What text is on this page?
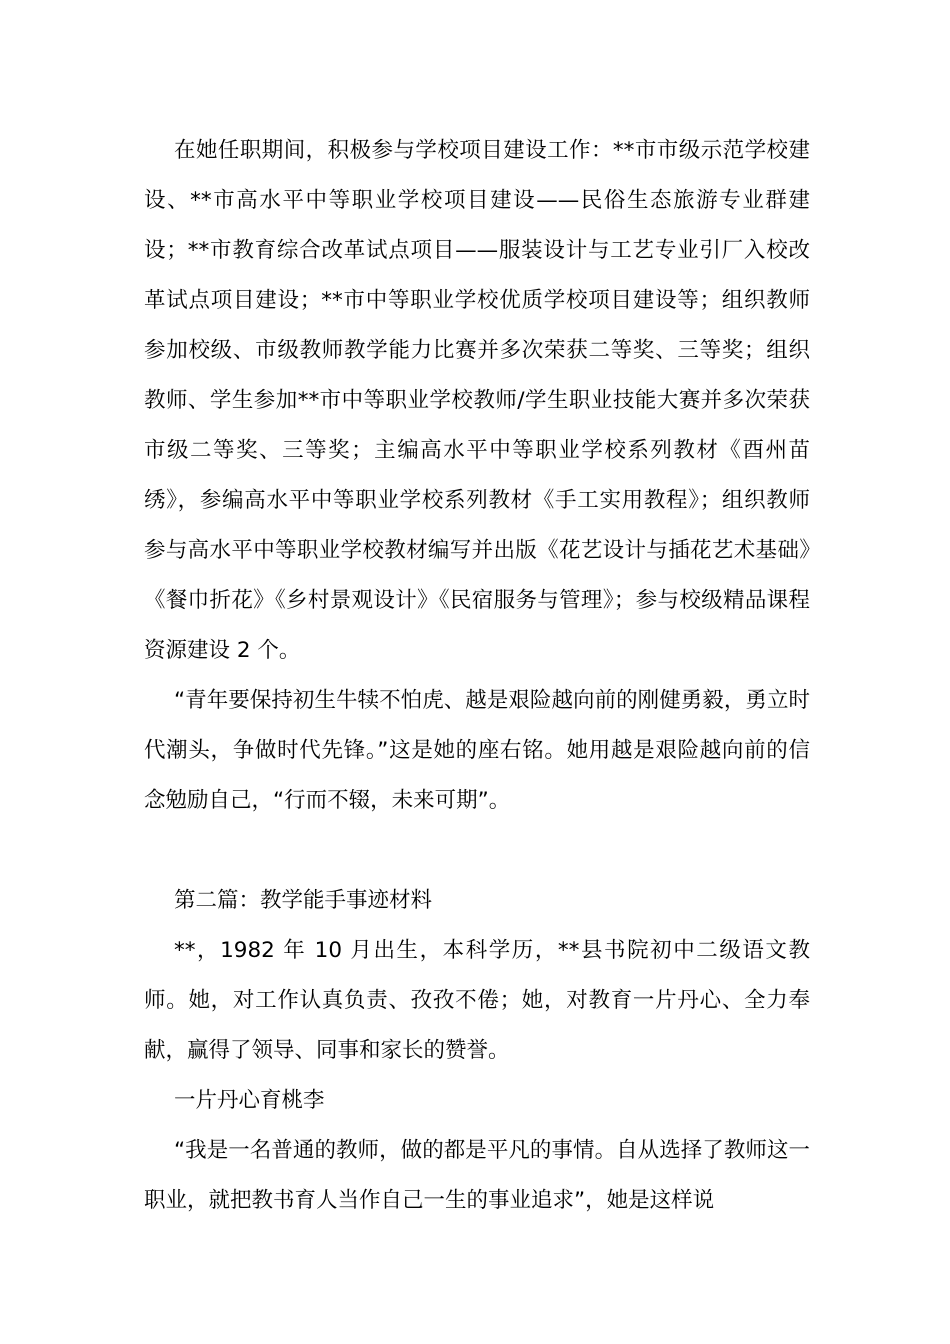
在她任职期间，积极参与学校项目建设工作：**市市级示范学校建设、**市高水平中等职业学校项目建设——民俗生态旅游专业群建设；**市教育综合改革试点项目——服装设计与工艺专业引厂入校改革试点项目建设；**市中等职业学校优质学校项目建设等；组织教师参加校级、市级教师教学能力比赛并多次荣获二等奖、三等奖；组织教师、学生参加**市中等职业学校教师/学生职业技能大赛并多次荣获市级二等奖、三等奖；主编高水平中等职业学校系列教材《酉州苗绣》，参编高水平中等职业学校系列教材《手工实用教程》；组织教师参与高水平中等职业学校教材编写并出版《花艺设计与插花艺术基础》《餐巾折花》《乡村景观设计》《民宿服务与管理》；参与校级精品课程资源建设 2 个。

“青年要保持初生牛犊不怕虎、越是艰险越向前的刚健勇毅，勇立时代潮头，争做时代先锋。”这是她的座右铭。她用越是艰险越向前的信念勉励自己，“行而不辍，未来可期”。

第二篇：教学能手事迹材料

**，1982 年 10 月出生，本科学历，**县书院初中二级语文教师。她，对工作认真负责、孜孜不倦；她，对教育一片丹心、全力奉献，赢得了领导、同事和家长的赞誉。

一片丹心育桃李

“我是一名普通的教师，做的都是平凡的事情。自从选择了教师这一职业，就把教书育人当作自己一生的事业追求”，她是这样说
